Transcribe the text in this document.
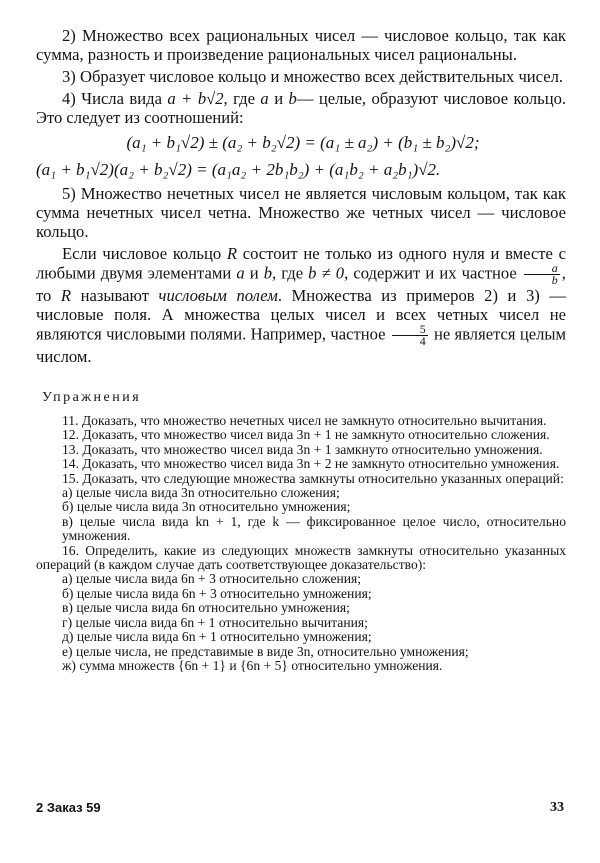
2) Множество всех рациональных чисел — числовое кольцо, так как сумма, разность и произведение рациональных чисел рациональны.

3) Образует числовое кольцо и множество всех действительных чисел.

4) Числа вида a + b√2, где a и b— целые, образуют числовое кольцо. Это следует из соотношений:

(a₁ + b₁√2) ± (a₂ + b₂√2) = (a₁ ± a₂) + (b₁ ± b₂)√2;
(a₁ + b₁√2)(a₂ + b₂√2) = (a₁a₂ + 2b₁b₂) + (a₁b₂ + a₂b₁)√2.

5) Множество нечетных чисел не является числовым кольцом, так как сумма нечетных чисел четна. Множество же четных чисел — числовое кольцо.

Если числовое кольцо R состоит не только из одного нуля и вместе с любыми двумя элементами a и b, где b ≠ 0, содержит и их частное $\frac{a}{b}$ , то R называют числовым полем. Множества из примеров 2) и 3) — числовые поля. А множества целых чисел и всех четных чисел не являются числовыми полями. Например, частное $\frac{5}{4}$ не является целым числом.

Упражнения

11. Доказать, что множество нечетных чисел не замкнуто относительно вычитания.

12. Доказать, что множество чисел вида 3n + 1 не замкнуто относительно сложения.

13. Доказать, что множество чисел вида 3n + 1 замкнуто относительно умножения.

14. Доказать, что множество чисел вида 3n + 2 не замкнуто относительно умножения.

15. Доказать, что следующие множества замкнуты относительно указанных операций:

а) целые числа вида 3n относительно сложения;

б) целые числа вида 3n относительно умножения;

в) целые числа вида kn + 1, где k — фиксированное целое число, относительно умножения.

16. Определить, какие из следующих множеств замкнуты относительно указанных операций (в каждом случае дать соответствующее доказательство):

а) целые числа вида 6n + 3 относительно сложения;

б) целые числа вида 6n + 3 относительно умножения;

в) целые числа вида 6n относительно умножения;

г) целые числа вида 6n + 1 относительно вычитания;

д) целые числа вида 6n + 1 относительно умножения;

е) целые числа, не представимые в виде 3n, относительно умножения;

ж) сумма множеств {6n + 1} и {6n + 5} относительно умножения.

2 Заказ 59	33
